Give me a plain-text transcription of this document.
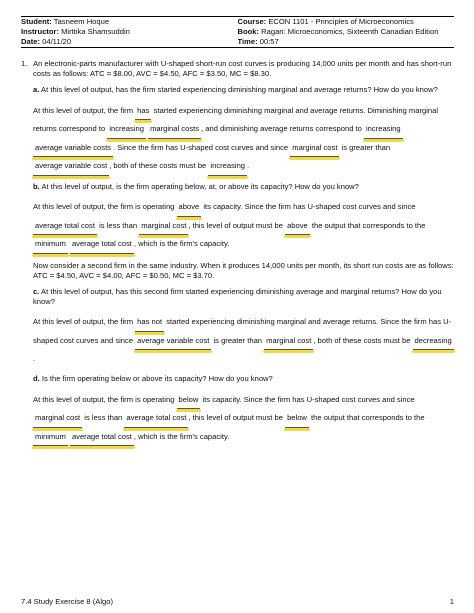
Student: Tasneem Hoque	Course: ECON 1101 - Principles of Microeconomics
Instructor: Mirttika Shamsuddin	Book: Ragan: Microeconomics, Sixteenth Canadian Edition
Date: 04/11/20	Time: 00:57
1. An electronic-parts manufacturer with U-shaped short-run cost curves is producing 14,000 units per month and has short-run costs as follows: ATC = $8.00, AVC = $4.50, AFC = $3.50, MC = $8.30.
a. At this level of output, has the firm started experiencing diminishing marginal and average returns? How do you know?
At this level of output, the firm has started experiencing diminishing marginal and average returns. Diminishing marginal returns correspond to increasing marginal costs , and diminishing average returns correspond to increasing average variable costs . Since the firm has U-shaped cost curves and since marginal cost is greater than average variable cost , both of these costs must be increasing .
b. At this level of output, is the firm operating below, at, or above its capacity? How do you know?
At this level of output, the firm is operating above its capacity. Since the firm has U-shaped cost curves and since average total cost is less than marginal cost , this level of output must be above the output that corresponds to the minimum average total cost , which is the firm's capacity.
Now consider a second firm in the same industry. When it produces 14,000 units per month, its short run costs are as follows: ATC = $4.50, AVC = $4.00, AFC = $0.50, MC = $3.70.
c. At this level of output, has this second firm started experiencing diminishing average and marginal returns? How do you know?
At this level of output, the firm has not started experiencing diminishing marginal and average returns. Since the firm has U-shaped cost curves and since average variable cost is greater than marginal cost , both of these costs must be decreasing.
d. Is the firm operating below or above its capacity? How do you know?
At this level of output, the firm is operating below its capacity. Since the firm has U-shaped cost curves and since marginal cost is less than average total cost , this level of output must be below the output that corresponds to the minimum average total cost , which is the firm's capacity.
7.4 Study Exercise 8 (Algo)	1
